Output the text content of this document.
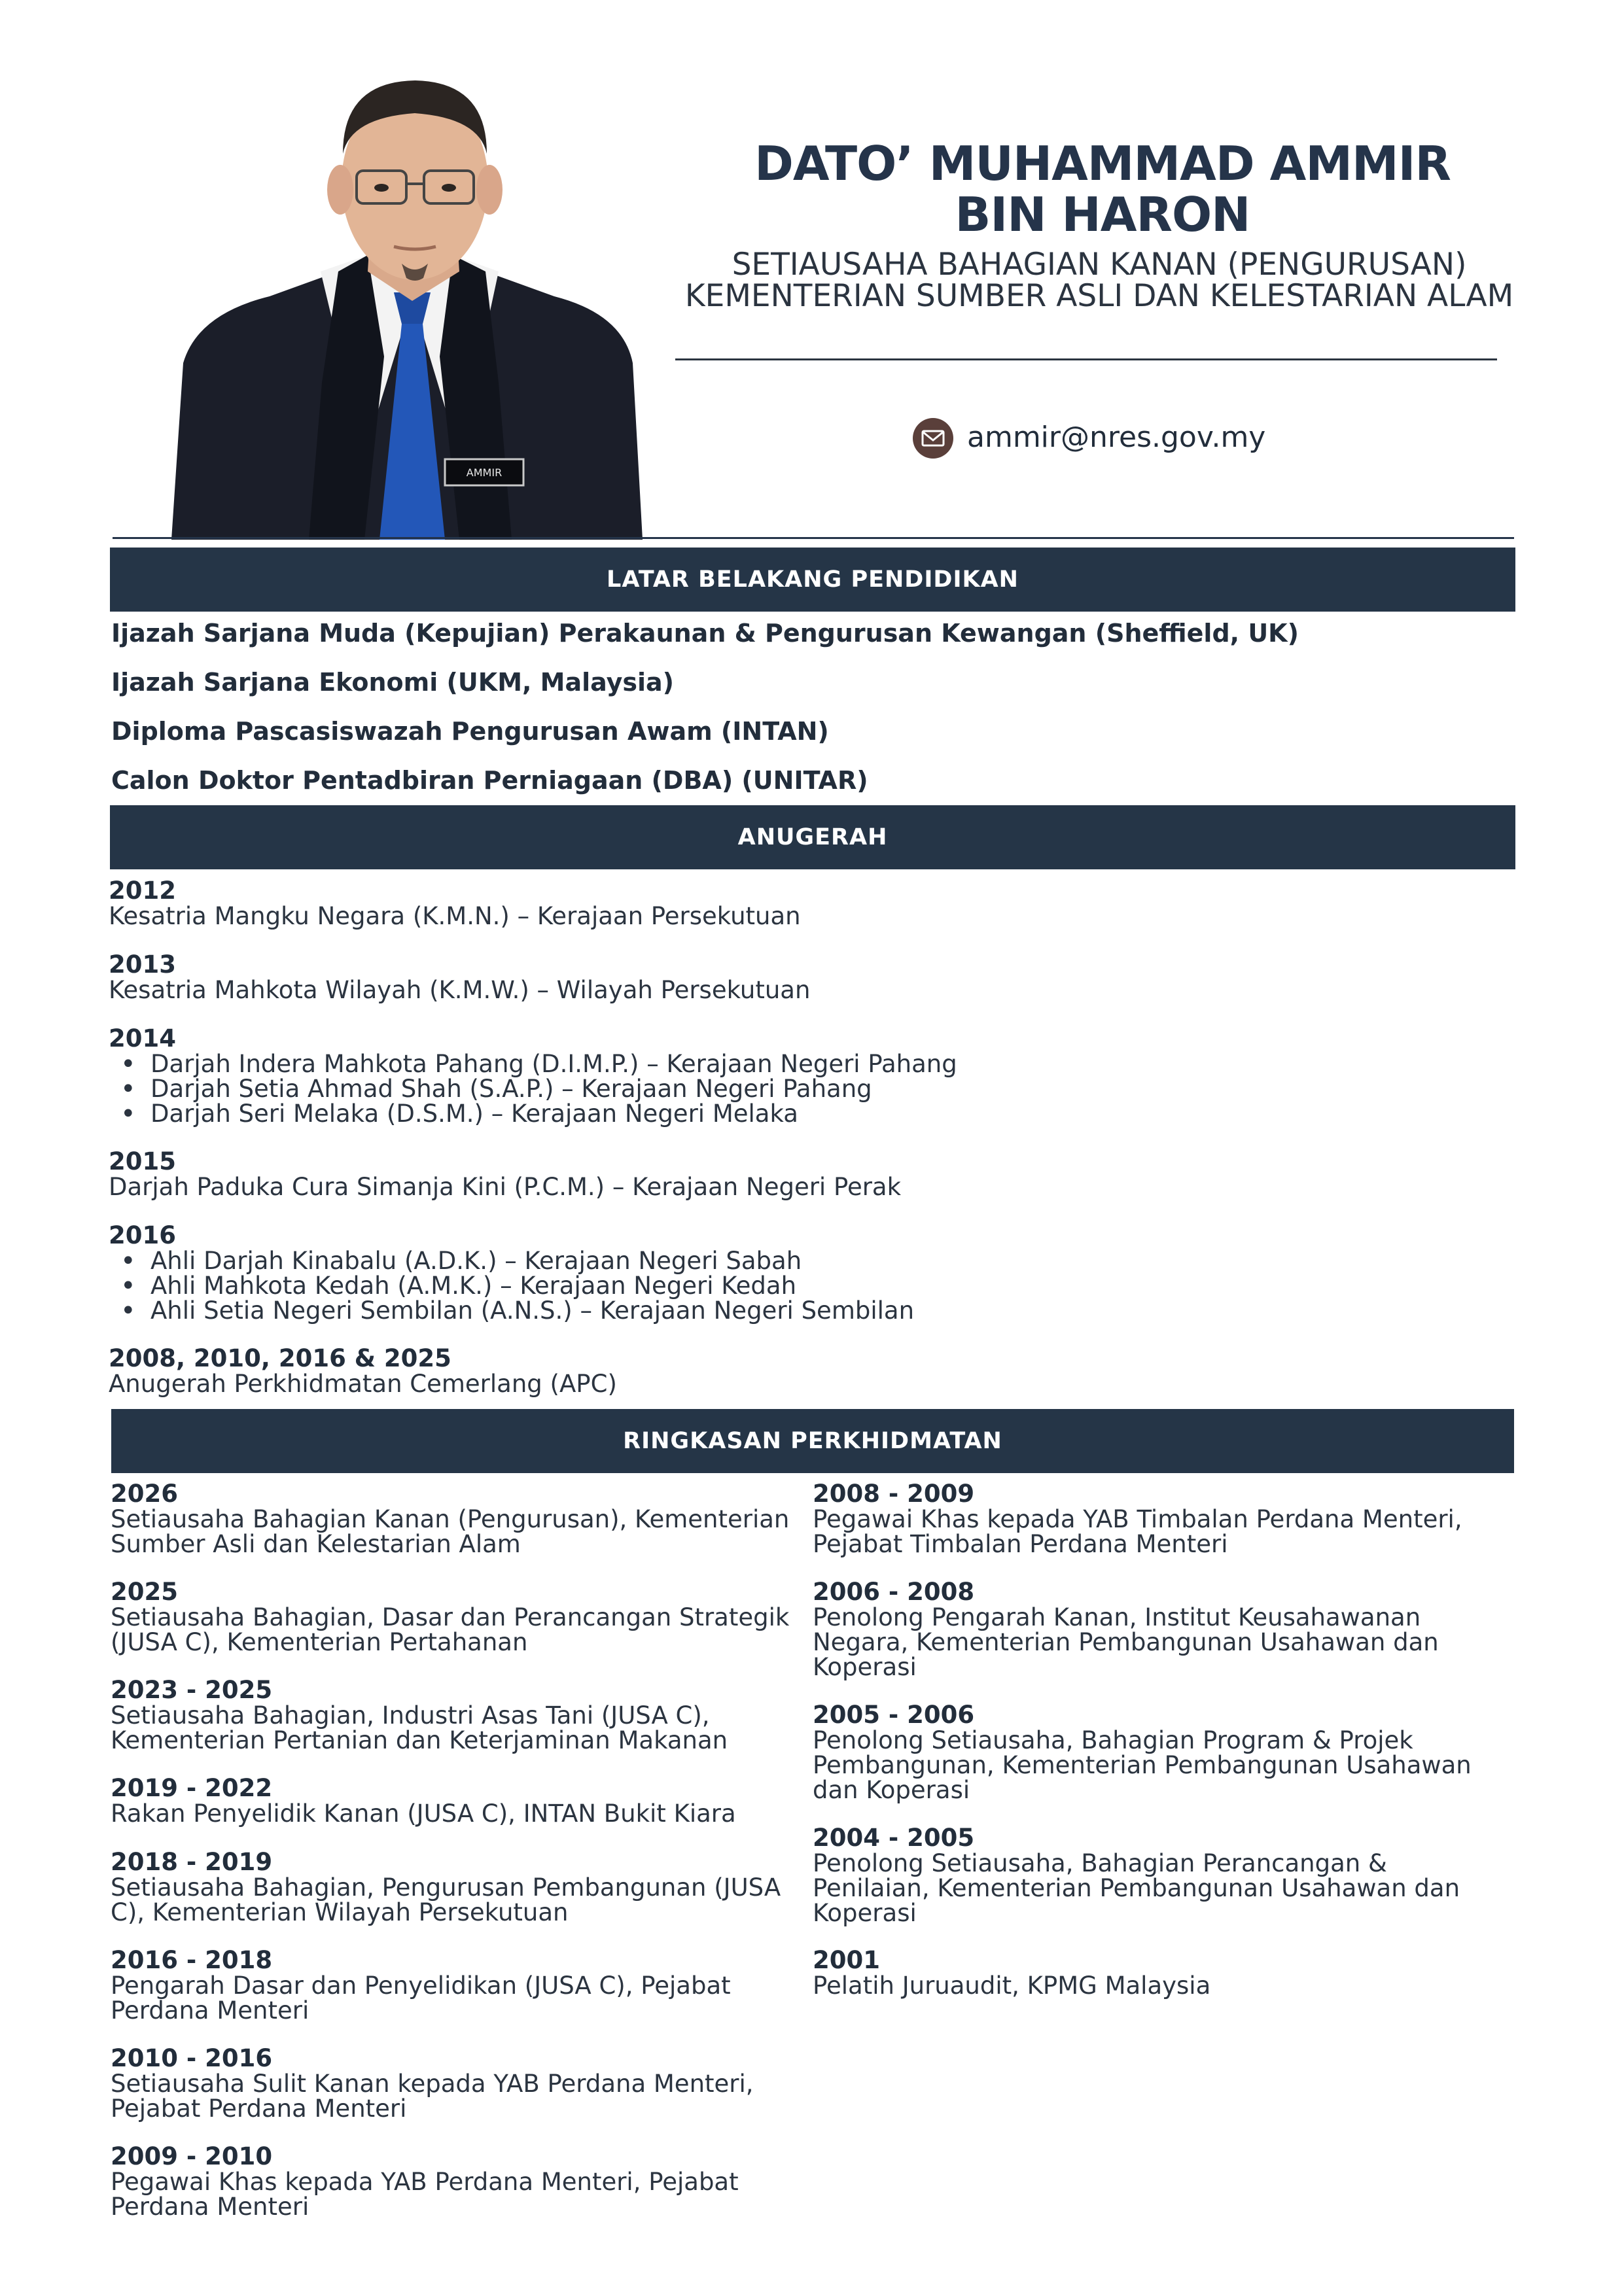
AMMIR
DATO’ MUHAMMAD AMMIR
BIN HARON
SETIAUSAHA BAHAGIAN KANAN (PENGURUSAN)
KEMENTERIAN SUMBER ASLI DAN KELESTARIAN ALAM
ammir@nres.gov.my
LATAR BELAKANG PENDIDIKAN
Ijazah Sarjana Muda (Kepujian) Perakaunan & Pengurusan Kewangan (Sheffield, UK)
Ijazah Sarjana Ekonomi (UKM, Malaysia)
Diploma Pascasiswazah Pengurusan Awam (INTAN)
Calon Doktor Pentadbiran Perniagaan (DBA) (UNITAR)
ANUGERAH
2012
Kesatria Mangku Negara (K.M.N.) – Kerajaan Persekutuan
2013
Kesatria Mahkota Wilayah (K.M.W.) – Wilayah Persekutuan
2014
• Darjah Indera Mahkota Pahang (D.I.M.P.) – Kerajaan Negeri Pahang
• Darjah Setia Ahmad Shah (S.A.P.) – Kerajaan Negeri Pahang
• Darjah Seri Melaka (D.S.M.) – Kerajaan Negeri Melaka
2015
Darjah Paduka Cura Simanja Kini (P.C.M.) – Kerajaan Negeri Perak
2016
• Ahli Darjah Kinabalu (A.D.K.) – Kerajaan Negeri Sabah
• Ahli Mahkota Kedah (A.M.K.) – Kerajaan Negeri Kedah
• Ahli Setia Negeri Sembilan (A.N.S.) – Kerajaan Negeri Sembilan
2008, 2010, 2016 & 2025
Anugerah Perkhidmatan Cemerlang (APC)
RINGKASAN PERKHIDMATAN
2026
Setiausaha Bahagian Kanan (Pengurusan), Kementerian Sumber Asli dan Kelestarian Alam
2025
Setiausaha Bahagian, Dasar dan Perancangan Strategik (JUSA C), Kementerian Pertahanan
2023 - 2025
Setiausaha Bahagian, Industri Asas Tani (JUSA C), Kementerian Pertanian dan Keterjaminan Makanan
2019 - 2022
Rakan Penyelidik Kanan (JUSA C), INTAN Bukit Kiara
2018 - 2019
Setiausaha Bahagian, Pengurusan Pembangunan (JUSA C), Kementerian Wilayah Persekutuan
2016 - 2018
Pengarah Dasar dan Penyelidikan (JUSA C), Pejabat Perdana Menteri
2010 - 2016
Setiausaha Sulit Kanan kepada YAB Perdana Menteri, Pejabat Perdana Menteri
2009 - 2010
Pegawai Khas kepada YAB Perdana Menteri, Pejabat Perdana Menteri
2008 - 2009
Pegawai Khas kepada YAB Timbalan Perdana Menteri, Pejabat Timbalan Perdana Menteri
2006 - 2008
Penolong Pengarah Kanan, Institut Keusahawanan Negara, Kementerian Pembangunan Usahawan dan Koperasi
2005 - 2006
Penolong Setiausaha, Bahagian Program & Projek Pembangunan, Kementerian Pembangunan Usahawan dan Koperasi
2004 - 2005
Penolong Setiausaha, Bahagian Perancangan & Penilaian, Kementerian Pembangunan Usahawan dan Koperasi
2001
Pelatih Juruaudit, KPMG Malaysia
